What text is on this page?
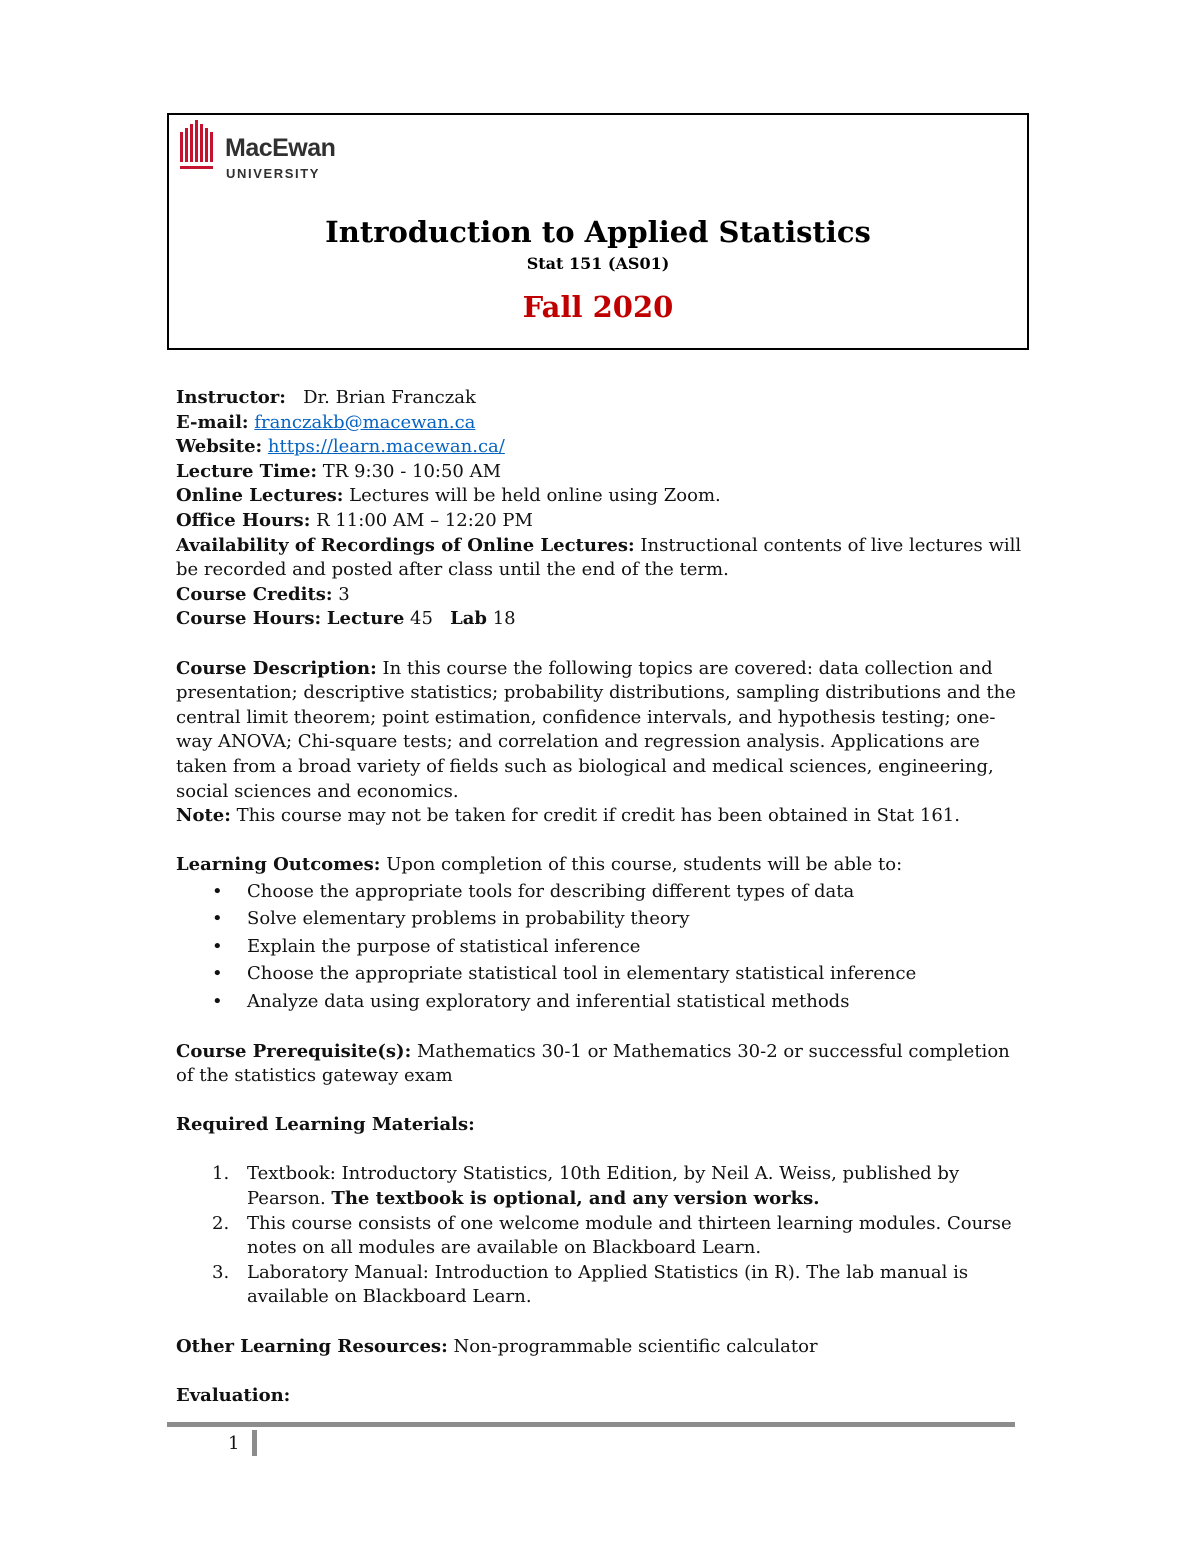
MacEwan
UNIVERSITY
Introduction to Applied Statistics
Stat 151 (AS01)
Fall 2020

Instructor: Dr. Brian Franczak

E-mail: franczakb@macewan.ca

Website: https://learn.macewan.ca/

Lecture Time: TR 9:30 - 10:50 AM

Online Lectures: Lectures will be held online using Zoom.

Office Hours: R 11:00 AM – 12:20 PM

Availability of Recordings of Online Lectures: Instructional contents of live lectures will be recorded and posted after class until the end of the term.

Course Credits: 3

Course Hours: Lecture 45 Lab 18

Course Description: In this course the following topics are covered: data collection and presentation; descriptive statistics; probability distributions, sampling distributions and the central limit theorem; point estimation, confidence intervals, and hypothesis testing; one-way ANOVA; Chi-square tests; and correlation and regression analysis. Applications are taken from a broad variety of fields such as biological and medical sciences, engineering, social sciences and economics.

Note: This course may not be taken for credit if credit has been obtained in Stat 161.

Learning Outcomes: Upon completion of this course, students will be able to:

• Choose the appropriate tools for describing different types of data
• Solve elementary problems in probability theory
• Explain the purpose of statistical inference
• Choose the appropriate statistical tool in elementary statistical inference
• Analyze data using exploratory and inferential statistical methods

Course Prerequisite(s): Mathematics 30-1 or Mathematics 30-2 or successful completion of the statistics gateway exam

Required Learning Materials:

1. Textbook: Introductory Statistics, 10th Edition, by Neil A. Weiss, published by Pearson. The textbook is optional, and any version works.
2. This course consists of one welcome module and thirteen learning modules. Course notes on all modules are available on Blackboard Learn.
3. Laboratory Manual: Introduction to Applied Statistics (in R). The lab manual is available on Blackboard Learn.

Other Learning Resources: Non-programmable scientific calculator

Evaluation:

1
